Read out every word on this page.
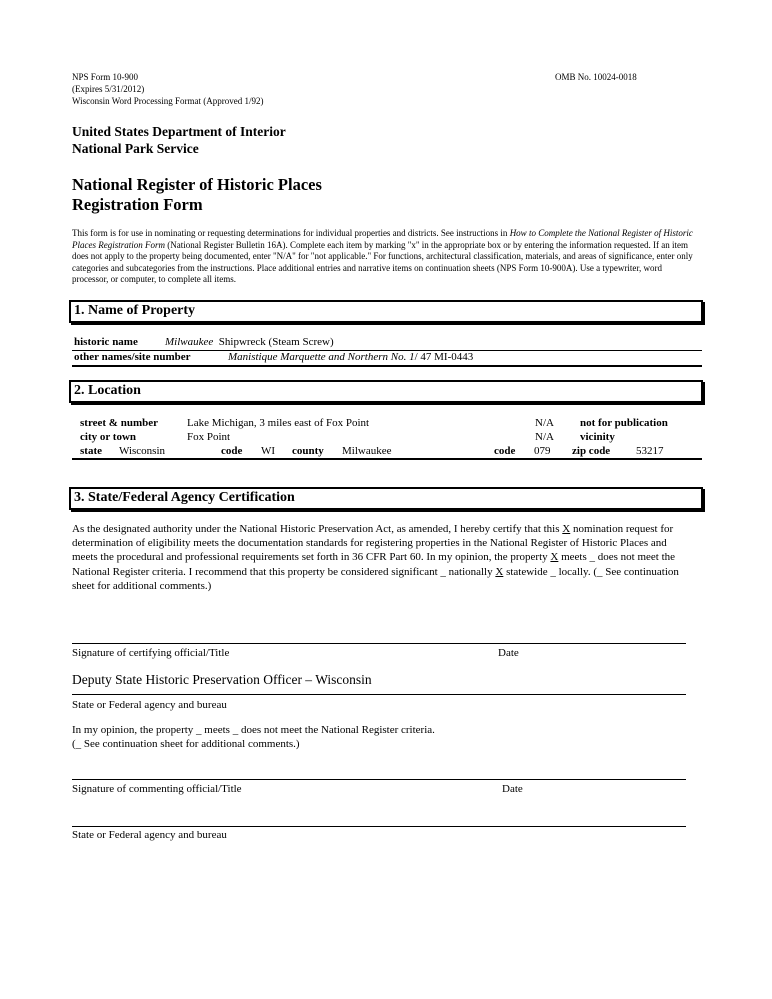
NPS Form 10-900
(Expires 5/31/2012)
Wisconsin Word Processing Format (Approved 1/92)
OMB No. 10024-0018
United States Department of Interior
National Park Service
National Register of Historic Places
Registration Form
This form is for use in nominating or requesting determinations for individual properties and districts. See instructions in How to Complete the National Register of Historic Places Registration Form (National Register Bulletin 16A). Complete each item by marking "x" in the appropriate box or by entering the information requested. If an item does not apply to the property being documented, enter "N/A" for "not applicable." For functions, architectural classification, materials, and areas of significance, enter only categories and subcategories from the instructions. Place additional entries and narrative items on continuation sheets (NPS Form 10-900A). Use a typewriter, word processor, or computer, to complete all items.
1. Name of Property
historic name Milwaukee Shipwreck (Steam Screw)
other names/site number	Manistique Marquette and Northern No. 1/ 47 MI-0443
2. Location
street & number	Lake Michigan, 3 miles east of Fox Point	N/A not for publication
city or town	Fox Point	N/A vicinity
state Wisconsin	code WI county Milwaukee	code 079 zip code 53217
3. State/Federal Agency Certification
As the designated authority under the National Historic Preservation Act, as amended, I hereby certify that this X nomination request for determination of eligibility meets the documentation standards for registering properties in the National Register of Historic Places and meets the procedural and professional requirements set forth in 36 CFR Part 60. In my opinion, the property X meets _ does not meet the National Register criteria. I recommend that this property be considered significant _ nationally X statewide _ locally. (_ See continuation sheet for additional comments.)
Signature of certifying official/Title	Date
Deputy State Historic Preservation Officer – Wisconsin
State or Federal agency and bureau
In my opinion, the property _ meets _ does not meet the National Register criteria.
(_ See continuation sheet for additional comments.)
Signature of commenting official/Title	Date
State or Federal agency and bureau
